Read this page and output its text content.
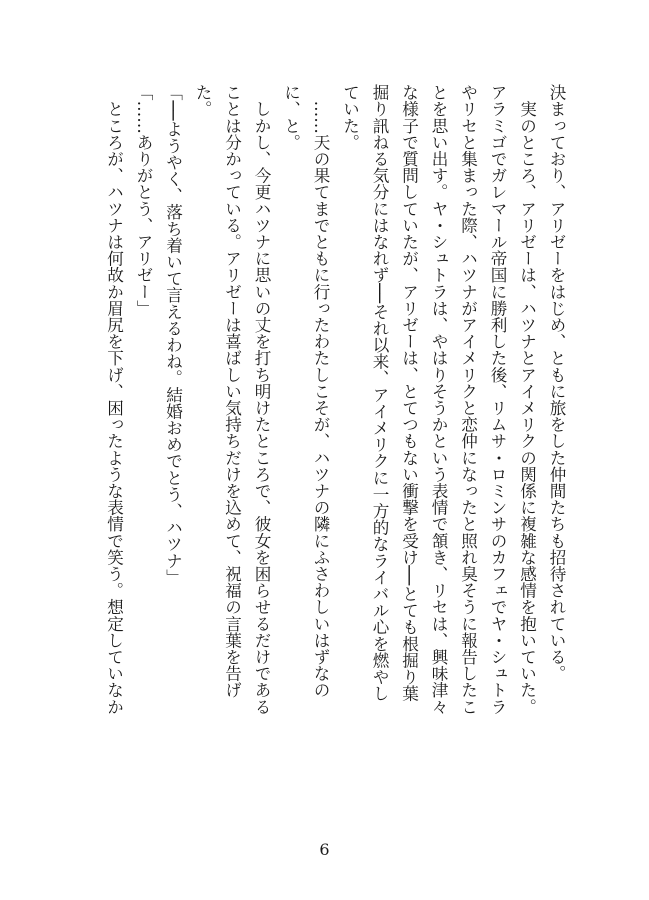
決まっており、アリゼーをはじめ、ともに旅をした仲間たちも招待されている。
　実のところ、アリゼーは、ハツナとアイメリクの関係に複雑な感情を抱いていた。
アラミゴでガレマール帝国に勝利した後、リムサ・ロミンサのカフェでヤ・シュトラ
やリセと集まった際、ハツナがアイメリクと恋仲になったと照れ臭そうに報告したこ
とを思い出す。ヤ・シュトラは、やはりそうかという表情で頷き、リセは、興味津々
な様子で質問していたが、アリゼーは、とてつもない衝撃を受け──とても根掘り葉
掘り訊ねる気分にはなれず──それ以来、アイメリクに一方的なライバル心を燃やし
ていた。
　……天の果てまでともに行ったわたしこそが、ハツナの隣にふさわしいはずなの
に、と。
　しかし、今更ハツナに思いの丈を打ち明けたところで、彼女を困らせるだけである
ことは分かっている。アリゼーは喜ばしい気持ちだけを込めて、祝福の言葉を告げ
た。
「──ようやく、落ち着いて言えるわね。結婚おめでとう、ハツナ」
「……ありがとう、アリゼー」
　ところが、ハツナは何故か眉尻を下げ、困ったような表情で笑う。想定していなか
6
